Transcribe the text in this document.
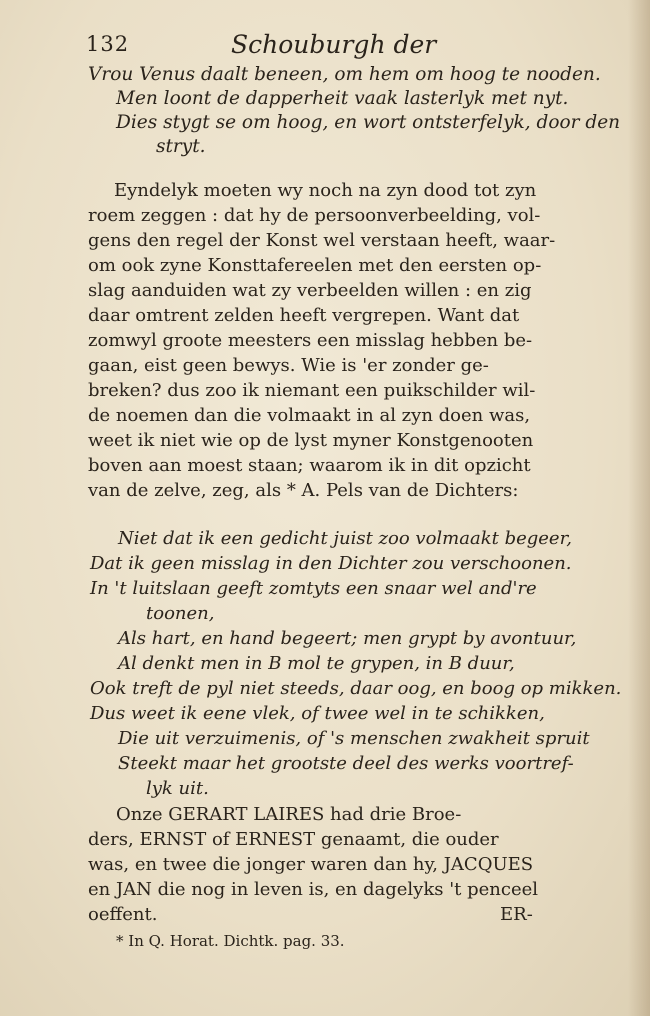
132	Schouburgh der
Vrou Venus daalt beneen, om hem om hoog te nooden.
Men loont de dapperheit vaak lasterlyk met nyt.
Dies stygt se om hoog, en wort ontsterfelyk, door den
stryt.
Eyndelyk moeten wy noch na zyn dood tot zyn
roem zeggen : dat hy de persoonverbeelding, vol-
gens den regel der Konst wel verstaan heeft, waar-
om ook zyne Konsttafereelen met den eersten op-
slag aanduiden wat zy verbeelden willen : en zig
daar omtrent zelden heeft vergrepen. Want dat
zomwyl groote meesters een misslag hebben be-
gaan, eist geen bewys. Wie is 'er zonder ge-
breken? dus zoo ik niemant een puikschilder wil-
de noemen dan die volmaakt in al zyn doen was,
weet ik niet wie op de lyst myner Konstgenooten
boven aan moest staan; waarom ik in dit opzicht
van de zelve, zeg, als * A. Pels van de Dichters:
Niet dat ik een gedicht juist zoo volmaakt begeer,
Dat ik geen misslag in den Dichter zou verschoonen.
In 't luitslaan geeft zomtyts een snaar wel and're
toonen,
Als hart, en hand begeert; men grypt by avontuur,
Al denkt men in B mol te grypen, in B duur,
Ook treft de pyl niet steeds, daar oog, en boog op mikken.
Dus weet ik eene vlek, of twee wel in te schikken,
Die uit verzuimenis, of 's menschen zwakheit spruit
Steekt maar het grootste deel des werks voortref-
lyk uit.
Onze GERART LAIRES had drie Broe-
ders, ERNST of ERNEST genaamt, die ouder
was, en twee die jonger waren dan hy, JACQUES
en JAN die nog in leven is, en dagelyks 't penceel
oeffent.	ER-
* In Q. Horat. Dichtk. pag. 33.
